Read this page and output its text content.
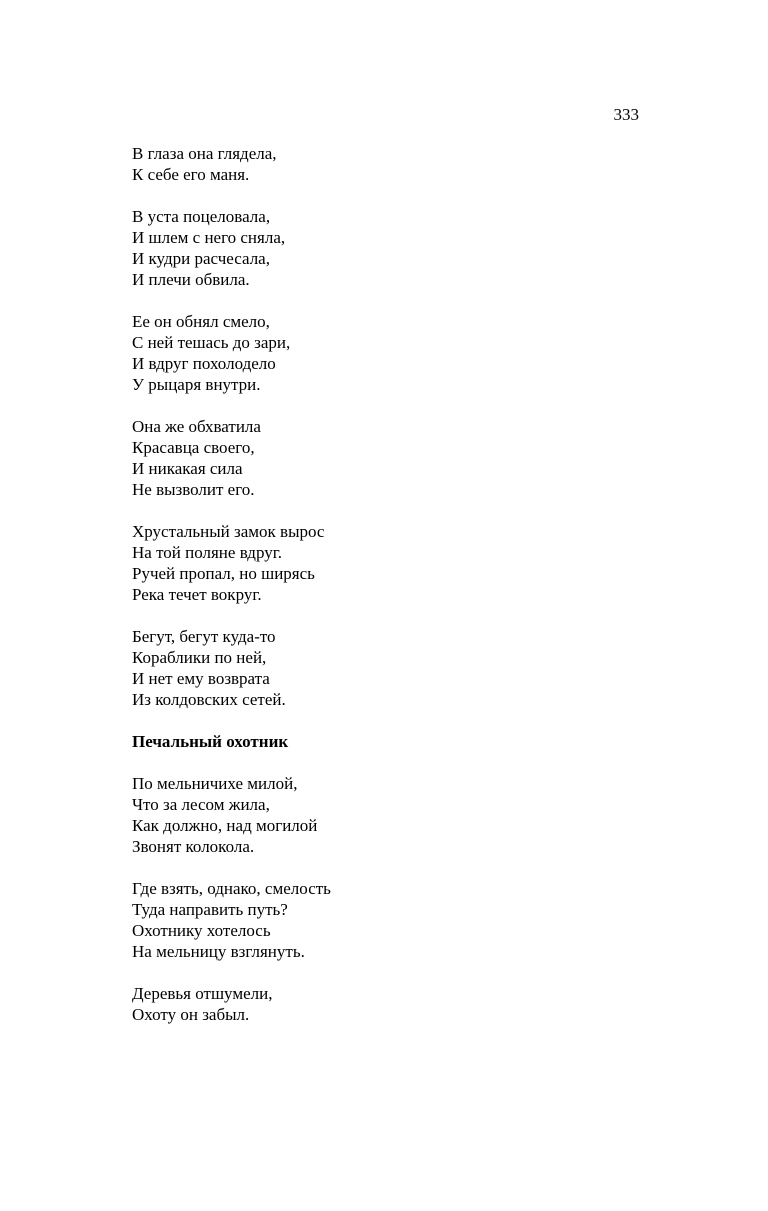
333
В глаза она глядела,
К себе его маня.
В уста поцеловала,
И шлем с него сняла,
И кудри расчесала,
И плечи обвила.
Ее он обнял смело,
С ней тешась до зари,
И вдруг похолодело
У рыцаря внутри.
Она же обхватила
Красавца своего,
И никакая сила
Не вызволит его.
Хрустальный замок вырос
На той поляне вдруг.
Ручей пропал, но ширясь
Река течет вокруг.
Бегут, бегут куда-то
Кораблики по ней,
И нет ему возврата
Из колдовских сетей.
Печальный охотник
По мельничихе милой,
Что за лесом жила,
Как должно, над могилой
Звонят колокола.
Где взять, однако, смелость
Туда направить путь?
Охотнику хотелось
На мельницу взглянуть.
Деревья отшумели,
Охоту он забыл.
